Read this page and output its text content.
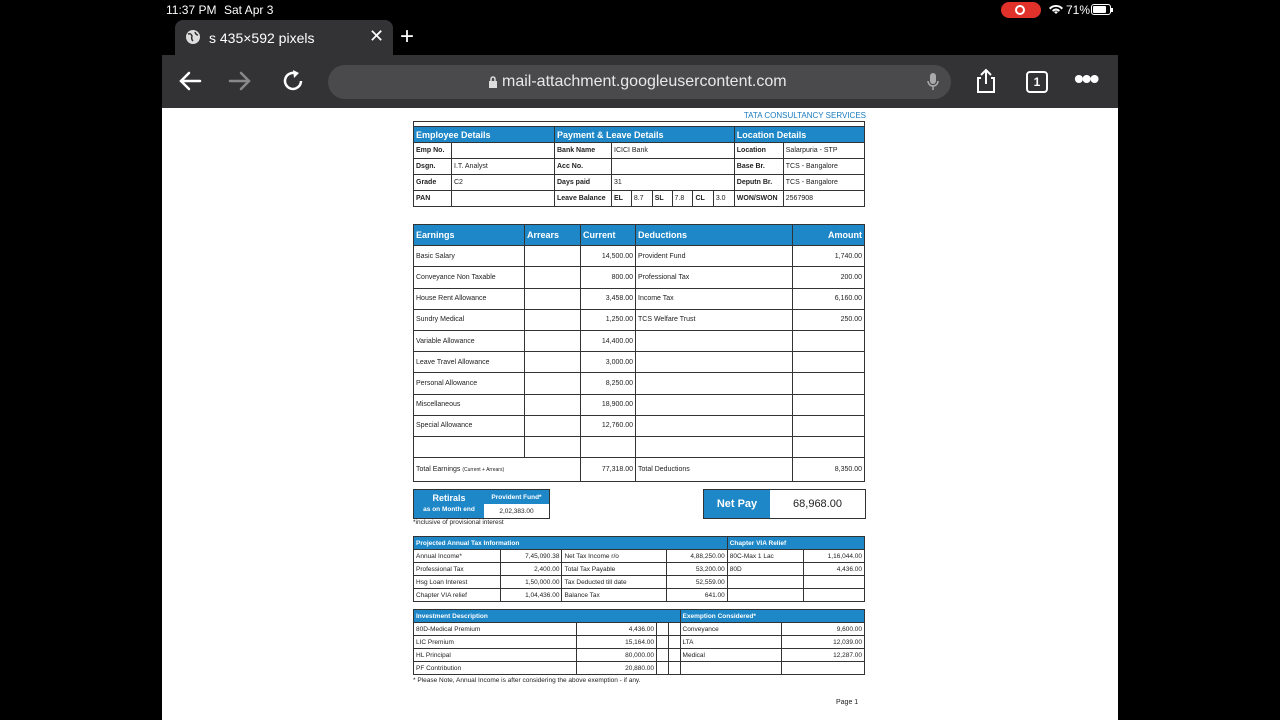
11:37 PM Sat Apr 3	71%
s 435×592 pixels	✕ +
mail-attachment.googleusercontent.com	1 •••
TATA CONSULTANCY SERVICES

Employee Details		Payment & Leave Details							Location Details	
Emp No.		Bank Name	ICICI Bank						Location	Salarpuria - STP
Dsgn.	I.T. Analyst	Acc No.							Base Br.	TCS - Bangalore
Grade	C2	Days paid	31						Deputn Br.	TCS - Bangalore
PAN		Leave Balance	EL	8.7	SL	7.8	CL	3.0	WON/SWON	2567908
Earnings	Arrears	Current	Deductions	Amount
Basic Salary		14,500.00	Provident Fund	1,740.00
Conveyance Non Taxable		800.00	Professional Tax	200.00
House Rent Allowance		3,458.00	Income Tax	6,160.00
Sundry Medical		1,250.00	TCS Welfare Trust	250.00
Variable Allowance		14,400.00		
Leave Travel Allowance		3,000.00		
Personal Allowance		8,250.00		
Miscellaneous		18,900.00		
Special Allowance		12,760.00		

Total Earnings (Current + Arrears)		77,318.00	Total Deductions	8,350.00
Retirals
as on Month end
Provident Fund*
2,02,383.00
*inclusive of provisional interest
Net Pay	68,968.00
Projected Annual Tax Information				Chapter VIA Relief	
Annual Income*	7,45,090.38	Net Tax Income r/o	4,88,250.00	80C-Max 1 Lac	1,16,044.00
Professional Tax	2,400.00	Total Tax Payable	53,200.00	80D	4,436.00
Hsg Loan Interest	1,50,000.00	Tax Deducted till date	52,559.00		
Chapter VIA relief	1,04,436.00	Balance Tax	641.00		
Investment Description				Exemption Considered*	
80D-Medical Premium	4,436.00			Conveyance	9,600.00
LIC Premium	15,164.00			LTA	12,039.00
HL Principal	80,000.00			Medical	12,287.00
PF Contribution	20,880.00				
* Please Note, Annual Income is after considering the above exemption - if any.
Page 1
